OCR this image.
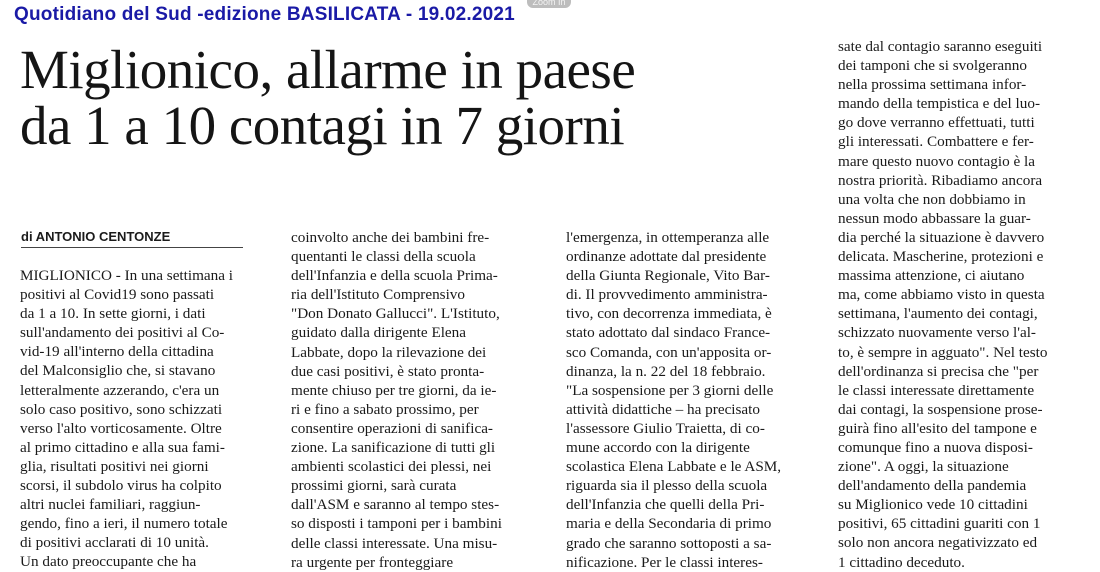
Zoom In
Quotidiano del Sud -edizione BASILICATA - 19.02.2021
Miglionico, allarme in paese
da 1 a 10 contagi in 7 giorni
di ANTONIO CENTONZE
MIGLIONICO - In una settimana i
positivi al Covid19 sono passati
da 1 a 10. In sette giorni, i dati
sull'andamento dei positivi al Co-
vid-19 all'interno della cittadina
del Malconsiglio che, si stavano
letteralmente azzerando, c'era un
solo caso positivo, sono schizzati
verso l'alto vorticosamente. Oltre
al primo cittadino e alla sua fami-
glia, risultati positivi nei giorni
scorsi, il subdolo virus ha colpito
altri nuclei familiari, raggiun-
gendo, fino a ieri, il numero totale
di positivi acclarati di 10 unità.
Un dato preoccupante che ha
coinvolto anche dei bambini fre-
quentanti le classi della scuola
dell'Infanzia e della scuola Prima-
ria dell'Istituto Comprensivo
"Don Donato Gallucci". L'Istituto,
guidato dalla dirigente Elena
Labbate, dopo la rilevazione dei
due casi positivi, è stato pronta-
mente chiuso per tre giorni, da ie-
ri e fino a sabato prossimo, per
consentire operazioni di sanifica-
zione. La sanificazione di tutti gli
ambienti scolastici dei plessi, nei
prossimi giorni, sarà curata
dall'ASM e saranno al tempo stes-
so disposti i tamponi per i bambini
delle classi interessate. Una misu-
ra urgente per fronteggiare
l'emergenza, in ottemperanza alle
ordinanze adottate dal presidente
della Giunta Regionale, Vito Bar-
di. Il provvedimento amministra-
tivo, con decorrenza immediata, è
stato adottato dal sindaco France-
sco Comanda, con un'apposita or-
dinanza, la n. 22 del 18 febbraio.
"La sospensione per 3 giorni delle
attività didattiche – ha precisato
l'assessore Giulio Traietta, di co-
mune accordo con la dirigente
scolastica Elena Labbate e le ASM,
riguarda sia il plesso della scuola
dell'Infanzia che quelli della Pri-
maria e della Secondaria di primo
grado che saranno sottoposti a sa-
nificazione. Per le classi interes-
sate dal contagio saranno eseguiti
dei tamponi che si svolgeranno
nella prossima settimana infor-
mando della tempistica e del luo-
go dove verranno effettuati, tutti
gli interessati. Combattere e fer-
mare questo nuovo contagio è la
nostra priorità. Ribadiamo ancora
una volta che non dobbiamo in
nessun modo abbassare la guar-
dia perché la situazione è davvero
delicata. Mascherine, protezioni e
massima attenzione, ci aiutano
ma, come abbiamo visto in questa
settimana, l'aumento dei contagi,
schizzato nuovamente verso l'al-
to, è sempre in agguato". Nel testo
dell'ordinanza si precisa che "per
le classi interessate direttamente
dai contagi, la sospensione prose-
guirà fino all'esito del tampone e
comunque fino a nuova disposi-
zione". A oggi, la situazione
dell'andamento della pandemia
su Miglionico vede 10 cittadini
positivi, 65 cittadini guariti con 1
solo non ancora negativizzato ed
1 cittadino deceduto.
